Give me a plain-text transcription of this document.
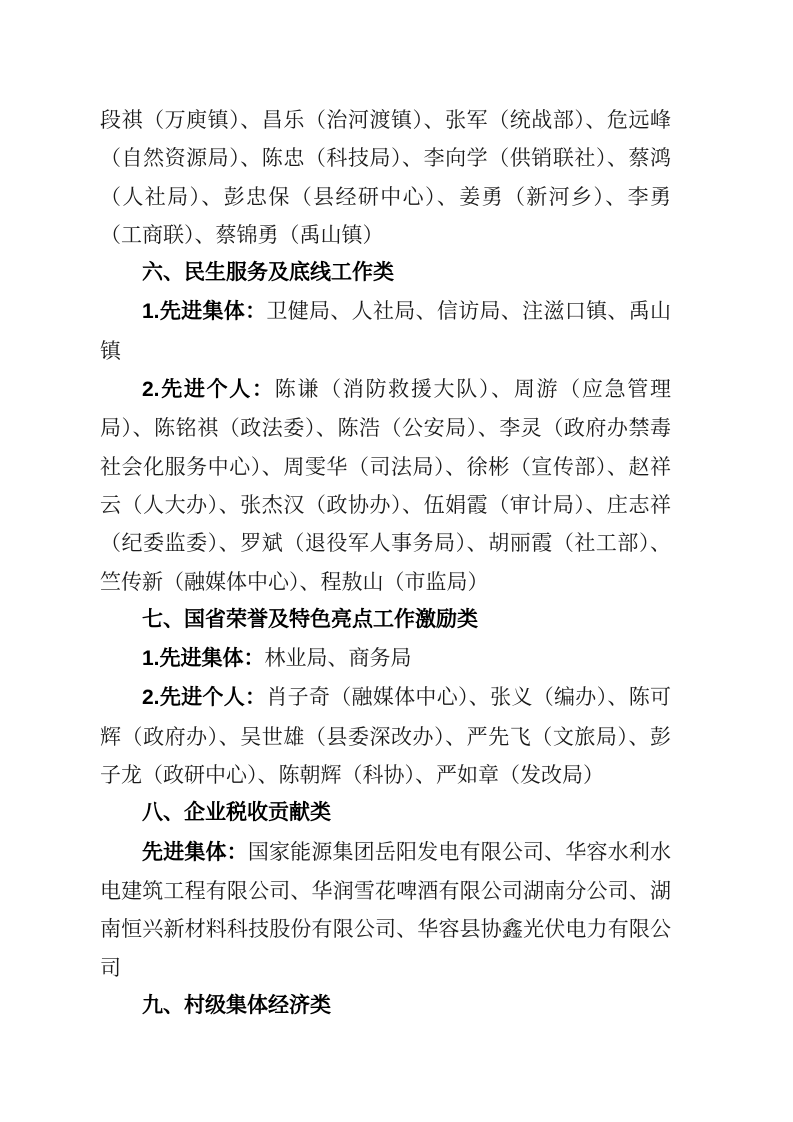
段祺（万庾镇）、昌乐（治河渡镇）、张军（统战部）、危远峰（自然资源局）、陈忠（科技局）、李向学（供销联社）、蔡鸿（人社局）、彭忠保（县经研中心）、姜勇（新河乡）、李勇（工商联）、蔡锦勇（禹山镇）

六、民生服务及底线工作类

1.先进集体：卫健局、人社局、信访局、注滋口镇、禹山镇

2.先进个人：陈谦（消防救援大队）、周游（应急管理局）、陈铭祺（政法委）、陈浩（公安局）、李灵（政府办禁毒社会化服务中心）、周雯华（司法局）、徐彬（宣传部）、赵祥云（人大办）、张杰汉（政协办）、伍娟霞（审计局）、庄志祥（纪委监委）、罗斌（退役军人事务局）、胡丽霞（社工部）、竺传新（融媒体中心）、程敖山（市监局）

七、国省荣誉及特色亮点工作激励类

1.先进集体：林业局、商务局

2.先进个人：肖子奇（融媒体中心）、张义（编办）、陈可辉（政府办）、吴世雄（县委深改办）、严先飞（文旅局）、彭子龙（政研中心）、陈朝辉（科协）、严如章（发改局）

八、企业税收贡献类

先进集体：国家能源集团岳阳发电有限公司、华容水利水电建筑工程有限公司、华润雪花啤酒有限公司湖南分公司、湖南恒兴新材料科技股份有限公司、华容县协鑫光伏电力有限公司

九、村级集体经济类
